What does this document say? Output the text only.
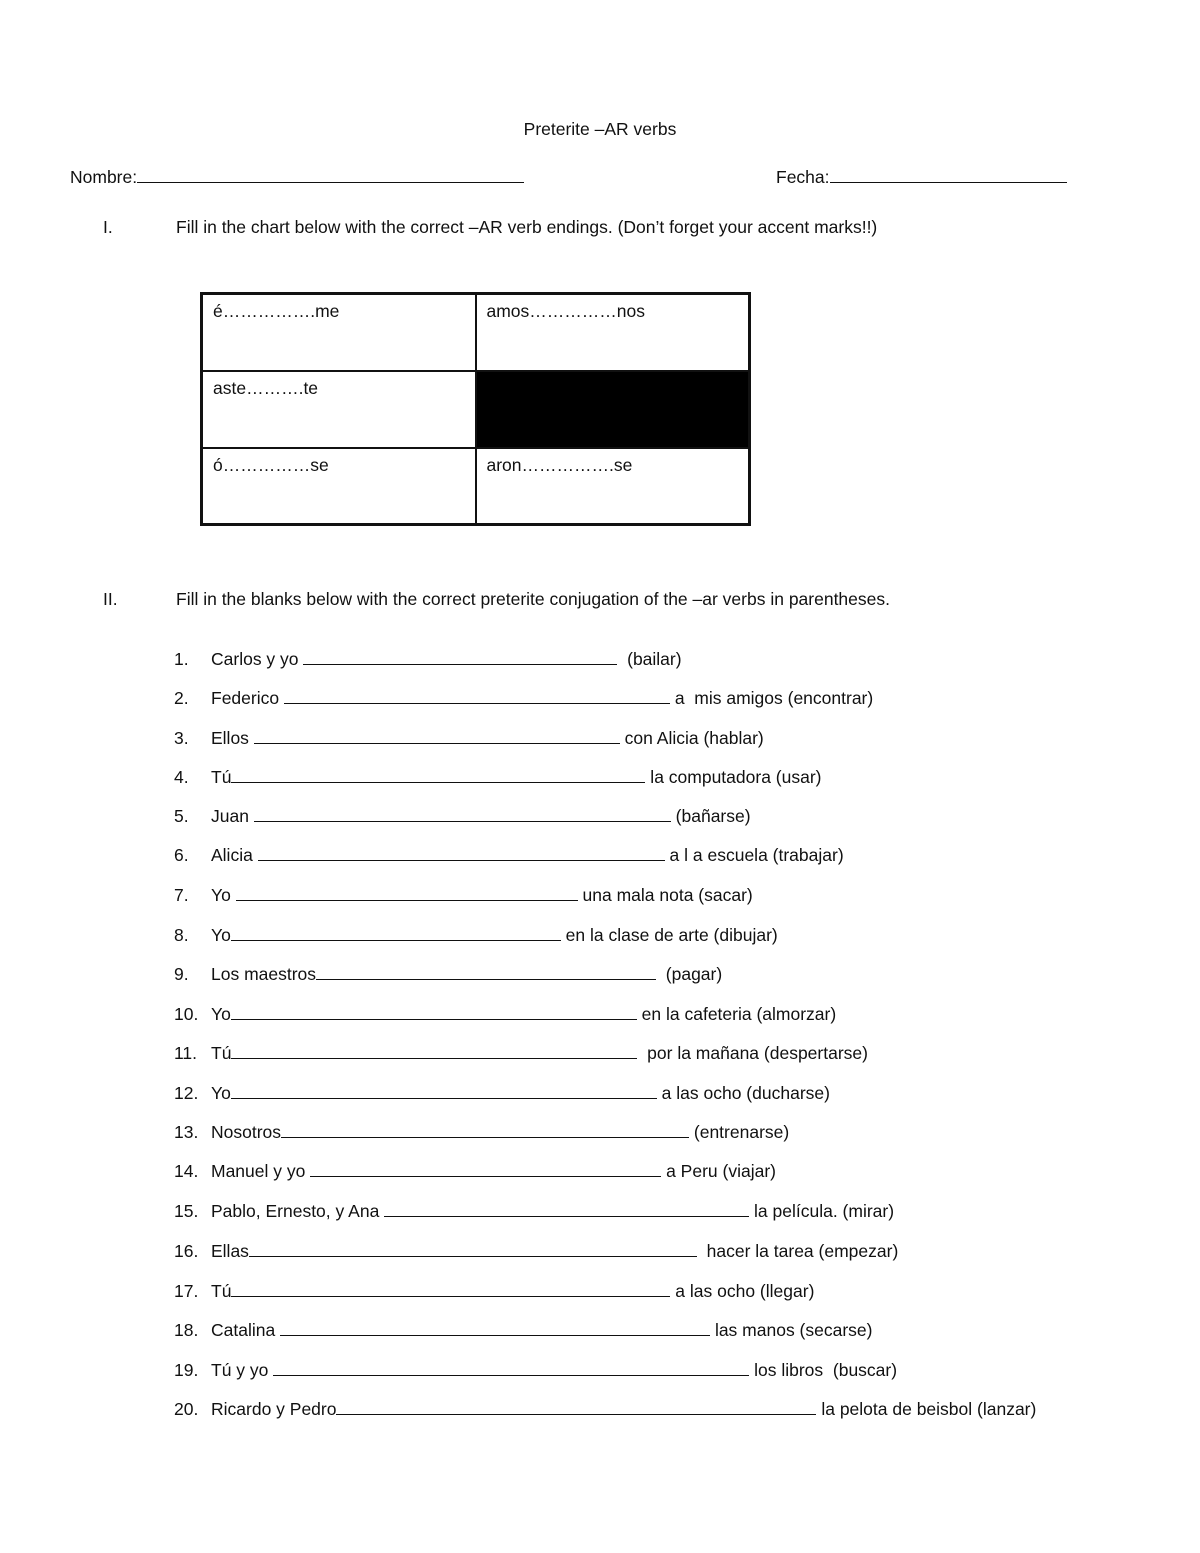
Preterite –AR verbs
Nombre:	Fecha:
I.	Fill in the chart below with the correct –AR verb endings. (Don’t forget your accent marks!!)
é…………….me	amos……………nos
aste……….te	
ó……………se	aron…………….se
II.	Fill in the blanks below with the correct preterite conjugation of the –ar verbs in parentheses.
1. Carlos y yo	(bailar)
2. Federico	a  mis amigos (encontrar)
3. Ellos	con Alicia (hablar)
4. Tú	la computadora (usar)
5. Juan	(bañarse)
6. Alicia	a l a escuela (trabajar)
7. Yo	una mala nota (sacar)
8. Yo	en la clase de arte (dibujar)
9. Los maestros	(pagar)
10. Yo	en la cafeteria (almorzar)
11. Tú	por la mañana (despertarse)
12. Yo	a las ocho (ducharse)
13. Nosotros	(entrenarse)
14. Manuel y yo	a Peru (viajar)
15. Pablo, Ernesto, y Ana	la película. (mirar)
16. Ellas	hacer la tarea (empezar)
17. Tú	a las ocho (llegar)
18. Catalina	las manos (secarse)
19. Tú y yo	los libros  (buscar)
20. Ricardo y Pedro	la pelota de beisbol (lanzar)
